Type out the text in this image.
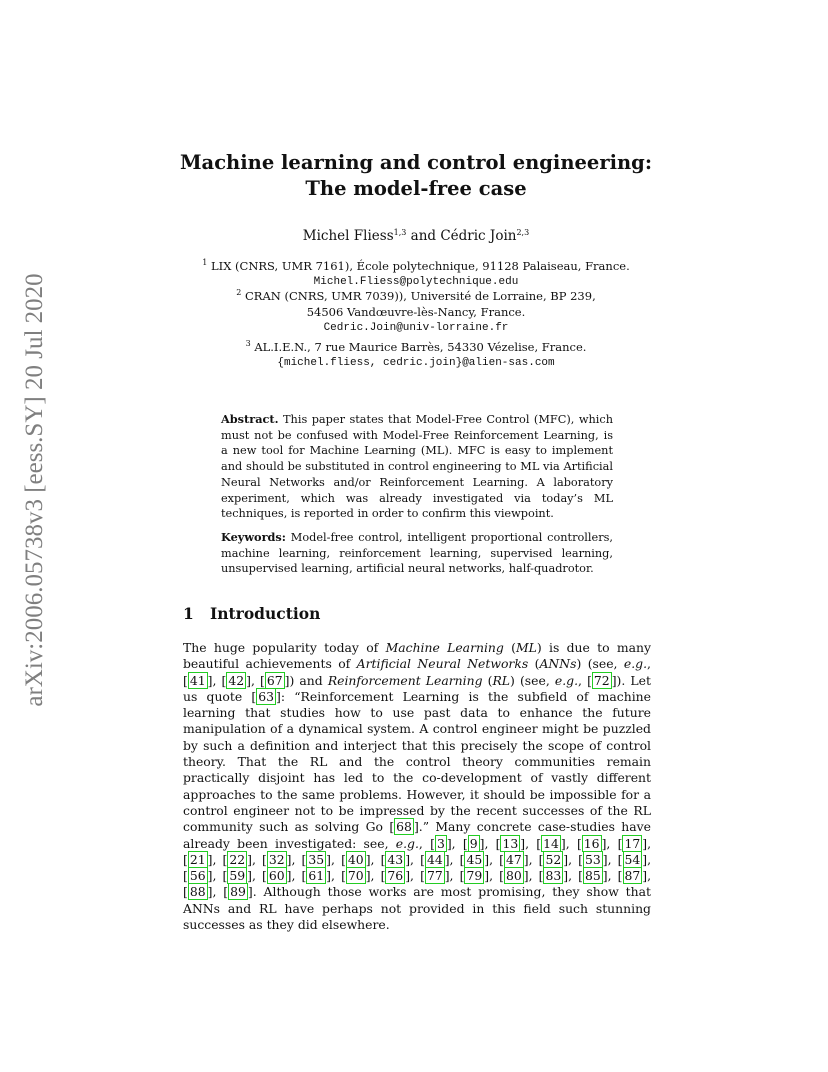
arXiv:2006.05738v3 [eess.SY] 20 Jul 2020
Machine learning and control engineering:
The model-free case
Michel Fliess$^{1,3}$ and Cédric Join$^{2,3}$
$^1$ LIX (CNRS, UMR 7161), École polytechnique, 91128 Palaiseau, France.
Michel.Fliess@polytechnique.edu
$^2$ CRAN (CNRS, UMR 7039)), Université de Lorraine, BP 239,
54506 Vandœuvre-lès-Nancy, France.
Cedric.Join@univ-lorraine.fr
$^3$ AL.I.E.N., 7 rue Maurice Barrès, 54330 Vézelise, France.
{michel.fliess, cedric.join}@alien-sas.com
Abstract. This paper states that Model-Free Control (MFC), which must not be confused with Model-Free Reinforcement Learning, is a new tool for Machine Learning (ML). MFC is easy to implement and should be substituted in control engineering to ML via Artificial Neural Networks and/or Reinforcement Learning. A laboratory experiment, which was already investigated via today’s ML techniques, is reported in order to confirm this viewpoint.
Keywords: Model-free control, intelligent proportional controllers, machine learning, reinforcement learning, supervised learning, unsupervised learning, artificial neural networks, half-quadrotor.
1 Introduction
The huge popularity today of Machine Learning (ML) is due to many beautiful achievements of Artificial Neural Networks (ANNs) (see, e.g., [ 41 ], [ 42 ], [ 67 ]) and Reinforcement Learning (RL) (see, e.g., [ 72 ]). Let us quote [ 63 ]: “Reinforcement Learning is the subfield of machine learning that studies how to use past data to enhance the future manipulation of a dynamical system. A control engineer might be puzzled by such a definition and interject that this precisely the scope of control theory. That the RL and the control theory communities remain practically disjoint has led to the co-development of vastly different approaches to the same problems. However, it should be impossible for a control engineer not to be impressed by the recent successes of the RL community such as solving Go [ 68 ].” Many concrete case-studies have already been investigated: see, e.g., [ 3 ], [ 9 ], [ 13 ], [ 14 ], [ 16 ], [ 17 ], [ 21 ], [ 22 ], [ 32 ], [ 35 ], [ 40 ], [ 43 ], [ 44 ], [ 45 ], [ 47 ], [ 52 ], [ 53 ], [ 54 ], [ 56 ], [ 59 ], [ 60 ], [ 61 ], [ 70 ], [ 76 ], [ 77 ], [ 79 ], [ 80 ], [ 83 ], [ 85 ], [ 87 ], [ 88 ], [ 89 ]. Although those works are most promising, they show that ANNs and RL have perhaps not provided in this field such stunning successes as they did elsewhere.
